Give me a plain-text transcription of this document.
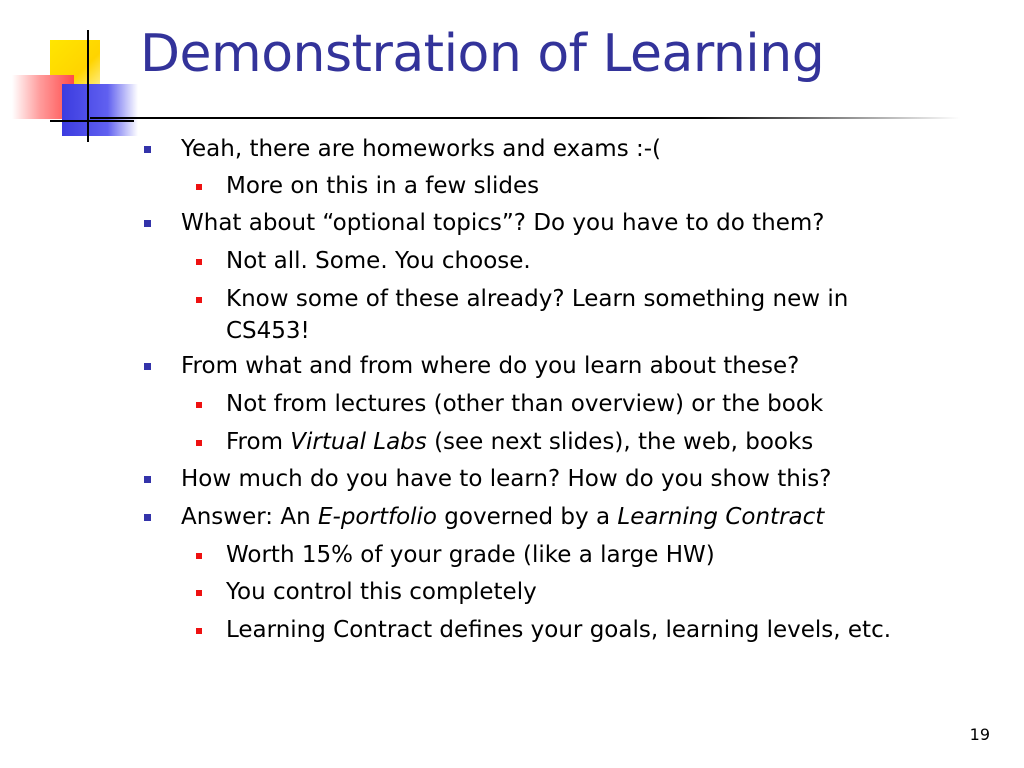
Demonstration of Learning
Yeah, there are homeworks and exams :-(
More on this in a few slides
What about “optional topics”? Do you have to do them?
Not all. Some. You choose.
Know some of these already? Learn something new in
CS453!
From what and from where do you learn about these?
Not from lectures (other than overview) or the book
From Virtual Labs (see next slides), the web, books
How much do you have to learn? How do you show this?
Answer: An E-portfolio governed by a Learning Contract
Worth 15% of your grade (like a large HW)
You control this completely
Learning Contract defines your goals, learning levels, etc.
19
